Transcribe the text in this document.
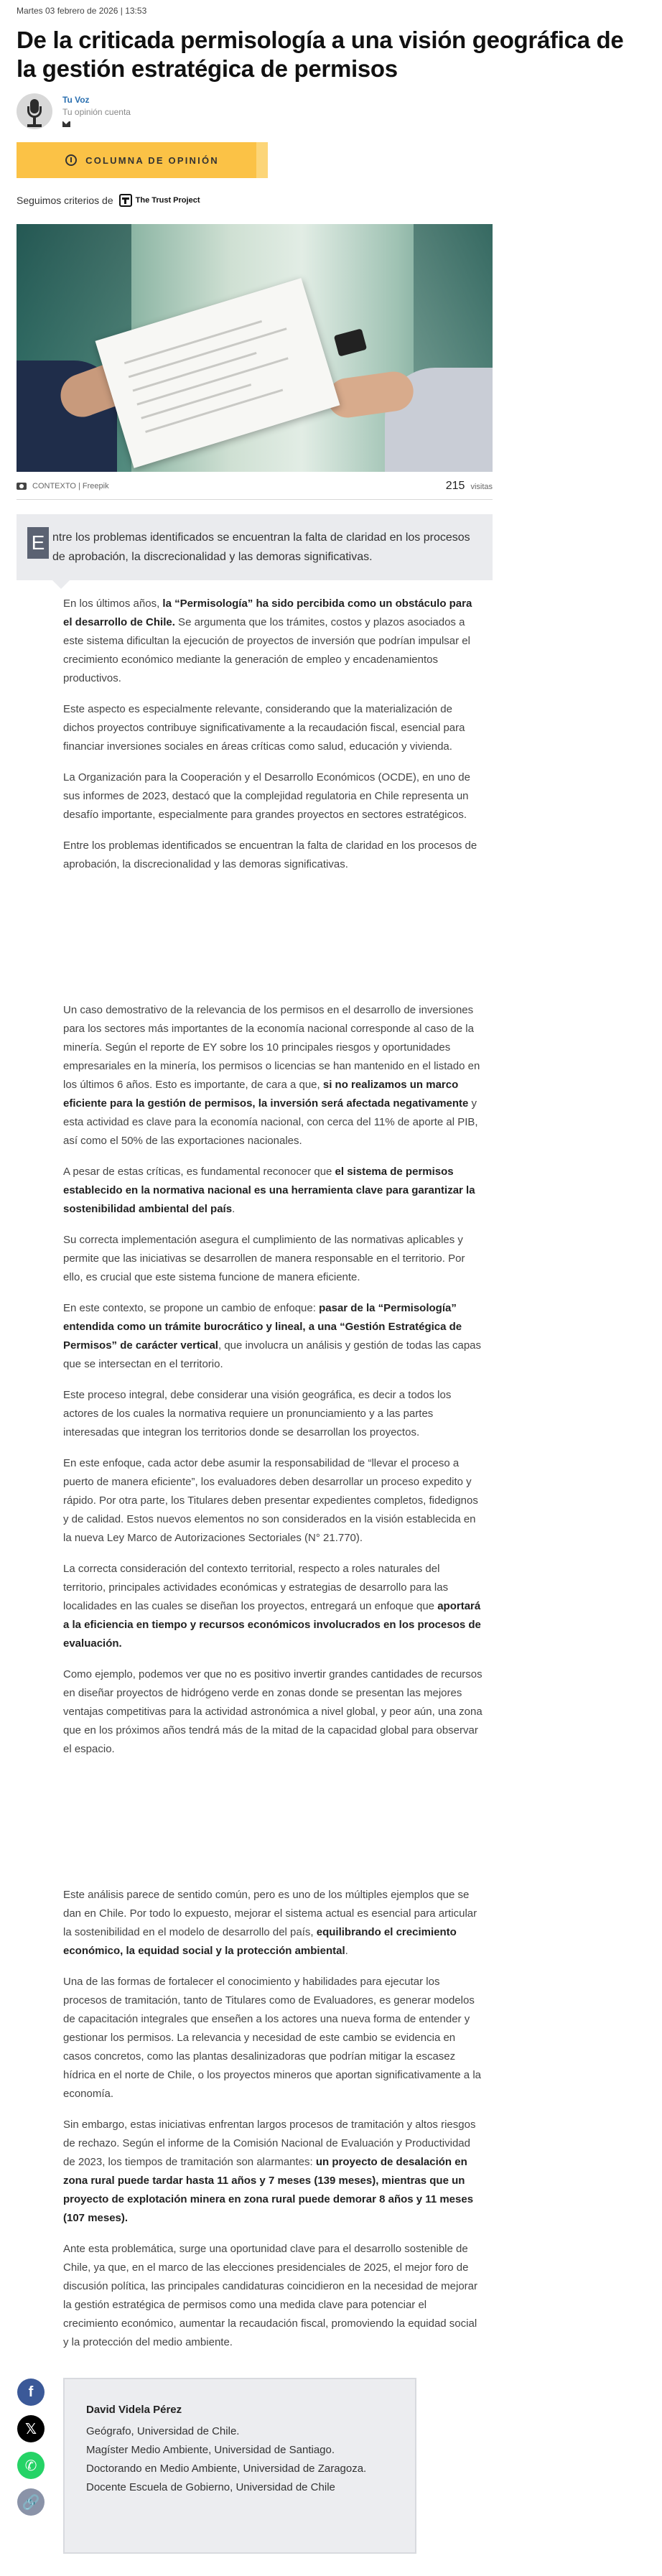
Martes 03 febrero de 2026 | 13:53
De la criticada permisología a una visión geográfica de la gestión estratégica de permisos
Tu Voz
Tu opinión cuenta
COLUMNA DE OPINIÓN
Seguimos criterios de	The Trust Project
CONTEXTO | Freepik	215 visitas
E ntre los problemas identificados se encuentran la falta de claridad en los procesos de aprobación, la discrecionalidad y las demoras significativas.

En los últimos años, la “Permisología” ha sido percibida como un obstáculo para el desarrollo de Chile. Se argumenta que los trámites, costos y plazos asociados a este sistema dificultan la ejecución de proyectos de inversión que podrían impulsar el crecimiento económico mediante la generación de empleo y encadenamientos productivos.

Este aspecto es especialmente relevante, considerando que la materialización de dichos proyectos contribuye significativamente a la recaudación fiscal, esencial para financiar inversiones sociales en áreas críticas como salud, educación y vivienda.

La Organización para la Cooperación y el Desarrollo Económicos (OCDE), en uno de sus informes de 2023, destacó que la complejidad regulatoria en Chile representa un desafío importante, especialmente para grandes proyectos en sectores estratégicos.

Entre los problemas identificados se encuentran la falta de claridad en los procesos de aprobación, la discrecionalidad y las demoras significativas.

Un caso demostrativo de la relevancia de los permisos en el desarrollo de inversiones para los sectores más importantes de la economía nacional corresponde al caso de la minería. Según el reporte de EY sobre los 10 principales riesgos y oportunidades empresariales en la minería, los permisos o licencias se han mantenido en el listado en los últimos 6 años. Esto es importante, de cara a que, si no realizamos un marco eficiente para la gestión de permisos, la inversión será afectada negativamente y esta actividad es clave para la economía nacional, con cerca del 11% de aporte al PIB, así como el 50% de las exportaciones nacionales.

A pesar de estas críticas, es fundamental reconocer que el sistema de permisos establecido en la normativa nacional es una herramienta clave para garantizar la sostenibilidad ambiental del país.

Su correcta implementación asegura el cumplimiento de las normativas aplicables y permite que las iniciativas se desarrollen de manera responsable en el territorio. Por ello, es crucial que este sistema funcione de manera eficiente.

En este contexto, se propone un cambio de enfoque: pasar de la “Permisología” entendida como un trámite burocrático y lineal, a una “Gestión Estratégica de Permisos” de carácter vertical, que involucra un análisis y gestión de todas las capas que se intersectan en el territorio.

Este proceso integral, debe considerar una visión geográfica, es decir a todos los actores de los cuales la normativa requiere un pronunciamiento y a las partes interesadas que integran los territorios donde se desarrollan los proyectos.

En este enfoque, cada actor debe asumir la responsabilidad de “llevar el proceso a puerto de manera eficiente”, los evaluadores deben desarrollar un proceso expedito y rápido. Por otra parte, los Titulares deben presentar expedientes completos, fidedignos y de calidad. Estos nuevos elementos no son considerados en la visión establecida en la nueva Ley Marco de Autorizaciones Sectoriales (N° 21.770).

La correcta consideración del contexto territorial, respecto a roles naturales del territorio, principales actividades económicas y estrategias de desarrollo para las localidades en las cuales se diseñan los proyectos, entregará un enfoque que aportará a la eficiencia en tiempo y recursos económicos involucrados en los procesos de evaluación.

Como ejemplo, podemos ver que no es positivo invertir grandes cantidades de recursos en diseñar proyectos de hidrógeno verde en zonas donde se presentan las mejores ventajas competitivas para la actividad astronómica a nivel global, y peor aún, una zona que en los próximos años tendrá más de la mitad de la capacidad global para observar el espacio.

Este análisis parece de sentido común, pero es uno de los múltiples ejemplos que se dan en Chile. Por todo lo expuesto, mejorar el sistema actual es esencial para articular la sostenibilidad en el modelo de desarrollo del país, equilibrando el crecimiento económico, la equidad social y la protección ambiental.

Una de las formas de fortalecer el conocimiento y habilidades para ejecutar los procesos de tramitación, tanto de Titulares como de Evaluadores, es generar modelos de capacitación integrales que enseñen a los actores una nueva forma de entender y gestionar los permisos. La relevancia y necesidad de este cambio se evidencia en casos concretos, como las plantas desalinizadoras que podrían mitigar la escasez hídrica en el norte de Chile, o los proyectos mineros que aportan significativamente a la economía.

Sin embargo, estas iniciativas enfrentan largos procesos de tramitación y altos riesgos de rechazo. Según el informe de la Comisión Nacional de Evaluación y Productividad de 2023, los tiempos de tramitación son alarmantes: un proyecto de desalación en zona rural puede tardar hasta 11 años y 7 meses (139 meses), mientras que un proyecto de explotación minera en zona rural puede demorar 8 años y 11 meses (107 meses).

Ante esta problemática, surge una oportunidad clave para el desarrollo sostenible de Chile, ya que, en el marco de las elecciones presidenciales de 2025, el mejor foro de discusión política, las principales candidaturas coincidieron en la necesidad de mejorar la gestión estratégica de permisos como una medida clave para potenciar el crecimiento económico, aumentar la recaudación fiscal, promoviendo la equidad social y la protección del medio ambiente.

f
𝕏
✆
🔗
David Videla Pérez
Geógrafo, Universidad de Chile.
Magíster Medio Ambiente, Universidad de Santiago.
Doctorando en Medio Ambiente, Universidad de Zaragoza.
Docente Escuela de Gobierno, Universidad de Chile
